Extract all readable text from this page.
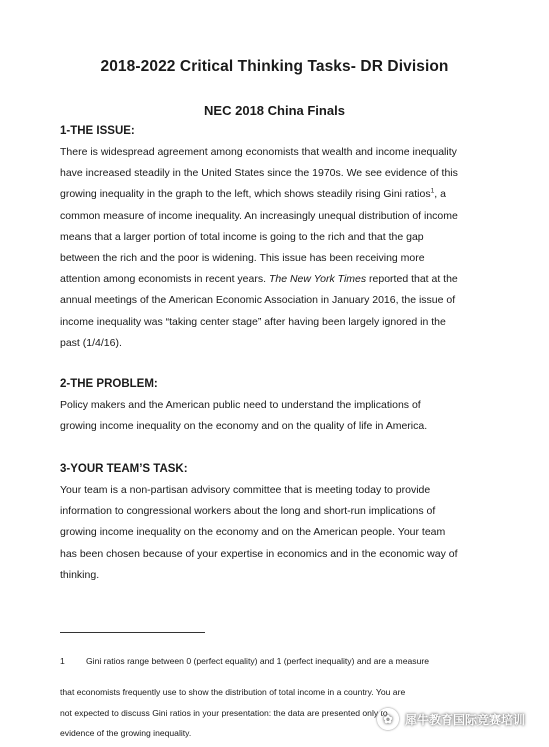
2018-2022 Critical Thinking Tasks- DR Division
NEC 2018 China Finals
1-THE ISSUE:
There is widespread agreement among economists that wealth and income inequality
have increased steadily in the United States since the 1970s. We see evidence of this
growing inequality in the graph to the left, which shows steadily rising Gini ratios$^1$, a
common measure of income inequality. An increasingly unequal distribution of income
means that a larger portion of total income is going to the rich and that the gap
between the rich and the poor is widening. This issue has been receiving more
attention among economists in recent years. The New York Times reported that at the
annual meetings of the American Economic Association in January 2016, the issue of
income inequality was “taking center stage” after having been largely ignored in the
past (1/4/16).
2-THE PROBLEM:
Policy makers and the American public need to understand the implications of
growing income inequality on the economy and on the quality of life in America.
3-YOUR TEAM’S TASK:
Your team is a non-partisan advisory committee that is meeting today to provide
information to congressional workers about the long and short-run implications of
growing income inequality on the economy and on the American people. Your team
has been chosen because of your expertise in economics and in the economic way of
thinking.
1 Gini ratios range between 0 (perfect equality) and 1 (perfect inequality) and are a measure
that economists frequently use to show the distribution of total income in a country. You are
not expected to discuss Gini ratios in your presentation: the data are presented only to
evidence of the growing inequality.
✿	犀牛教育国际竞赛培训
